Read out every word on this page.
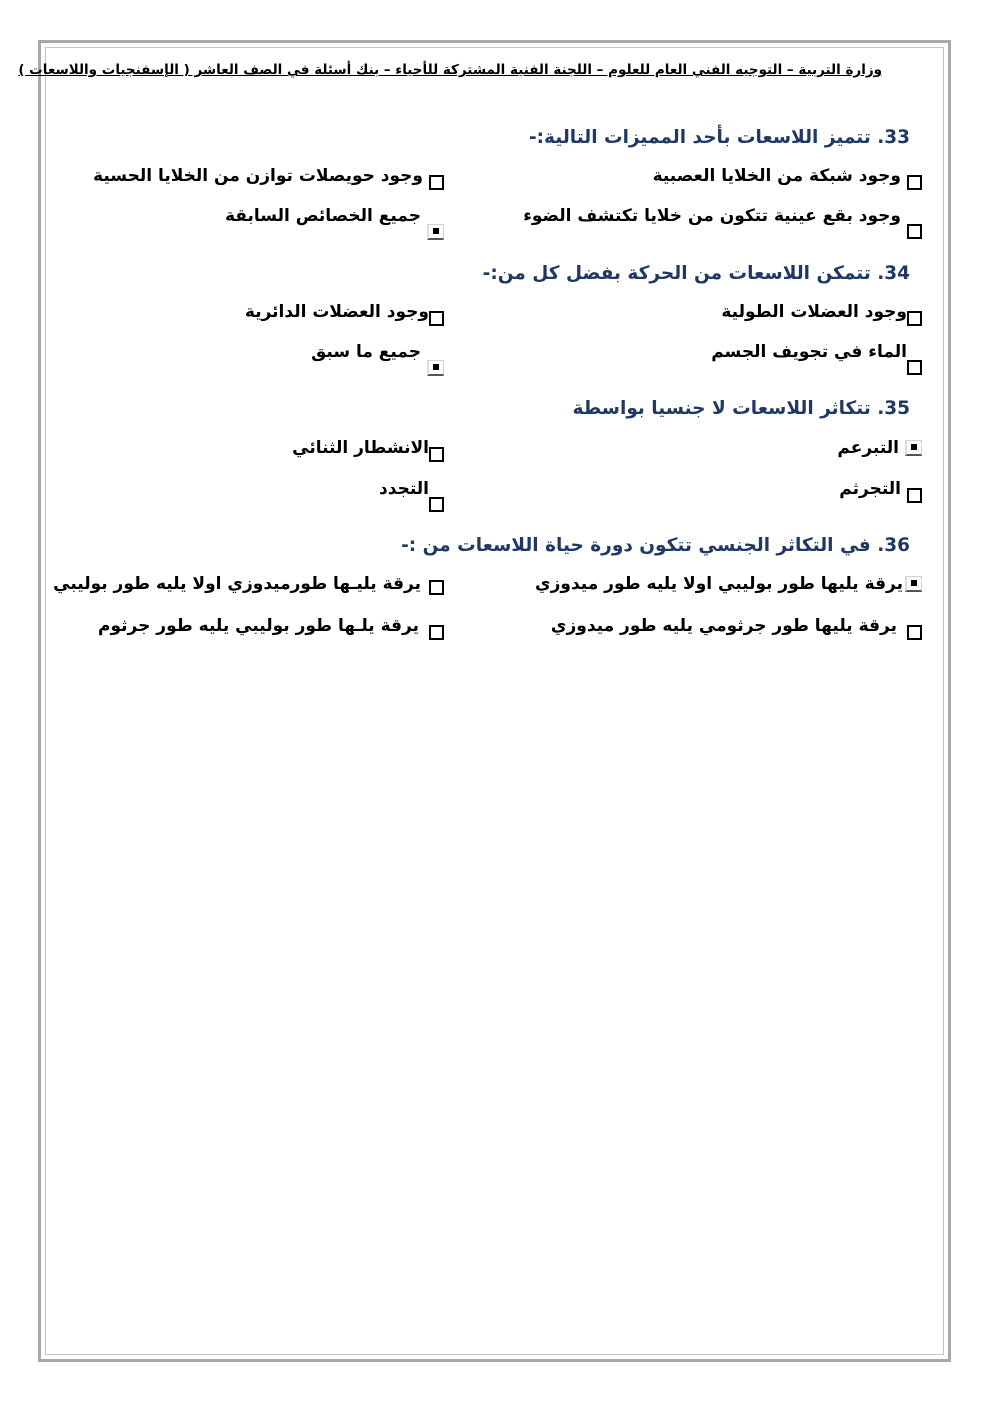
وزارة التربية – التوجيه الفني العام للعلوم – اللجنة الفنية المشتركة للأحياء – بنك أسئلة في الصف العاشر ( الإسفنجيات واللاسعات )
33. تتميز اللاسعات بأحد المميزات التالية:-
وجود شبكة من الخلايا العصبية
وجود حويصلات توازن من الخلايا الحسية
وجود بقع عينية تتكون من خلايا تكتشف الضوء
جميع الخصائص السابقة
34. تتمكن اللاسعات من الحركة بفضل كل من:-
وجود العضلات الطولية
وجود العضلات الدائرية
الماء في تجويف الجسم
جميع ما سبق
35. تتكاثر اللاسعات لا جنسيا بواسطة
التبرعم
الانشطار الثنائي
التجرثم
التجدد
36. في التكاثر الجنسي تتكون دورة حياة اللاسعات من :-
يرقة يليها طور بوليبي اولا يليه طور ميدوزي
يرقة يليـها طورميدوزي اولا يليه طور بوليبي
يرقة يليها طور جرثومي يليه طور ميدوزي
يرقة يلـها طور بوليبي يليه طور جرثوم
